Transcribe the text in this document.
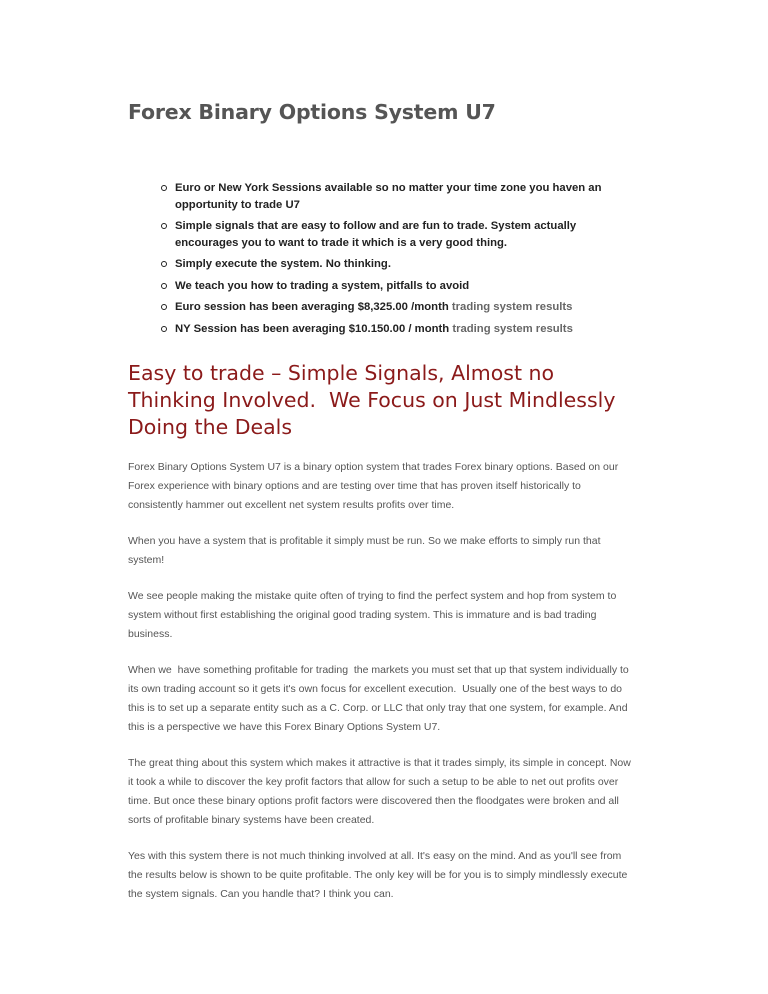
Forex Binary Options System U7
Euro or New York Sessions available so no matter your time zone you haven an opportunity to trade U7
Simple signals that are easy to follow and are fun to trade. System actually encourages you to want to trade it which is a very good thing.
Simply execute the system. No thinking.
We teach you how to trading a system, pitfalls to avoid
Euro session has been averaging $8,325.00 /month trading system results
NY Session has been averaging $10.150.00 / month trading system results
Easy to trade – Simple Signals, Almost no Thinking Involved.  We Focus on Just Mindlessly Doing the Deals

Forex Binary Options System U7 is a binary option system that trades Forex binary options. Based on our Forex experience with binary options and are testing over time that has proven itself historically to consistently hammer out excellent net system results profits over time.

When you have a system that is profitable it simply must be run. So we make efforts to simply run that system!

We see people making the mistake quite often of trying to find the perfect system and hop from system to system without first establishing the original good trading system. This is immature and is bad trading business.

When we  have something profitable for trading  the markets you must set that up that system individually to its own trading account so it gets it's own focus for excellent execution.  Usually one of the best ways to do this is to set up a separate entity such as a C. Corp. or LLC that only tray that one system, for example. And this is a perspective we have this Forex Binary Options System U7.

The great thing about this system which makes it attractive is that it trades simply, its simple in concept. Now it took a while to discover the key profit factors that allow for such a setup to be able to net out profits over time. But once these binary options profit factors were discovered then the floodgates were broken and all sorts of profitable binary systems have been created.

Yes with this system there is not much thinking involved at all. It's easy on the mind. And as you'll see from the results below is shown to be quite profitable. The only key will be for you is to simply mindlessly execute the system signals. Can you handle that? I think you can.
